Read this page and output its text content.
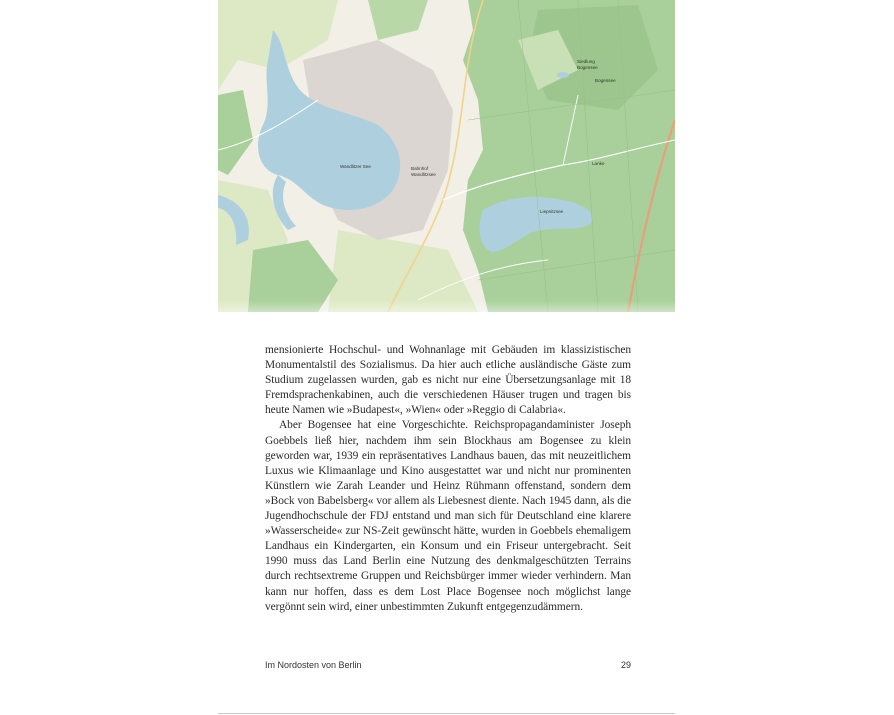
Wandlitzer See	Bahnhof
Wandlitzsee
Siedlung
Bogensee
Bogensee
Lanke
Liepnitzsee

mensionierte Hochschul- und Wohnanlage mit Gebäuden im klassizistischen Monumentalstil des Sozialismus. Da hier auch etliche ausländische Gäste zum Studium zugelassen wurden, gab es nicht nur eine Übersetzungsanlage mit 18 Fremdsprachenkabinen, auch die verschiedenen Häuser trugen und tragen bis heute Namen wie »Budapest«, »Wien« oder »Reggio di Calabria«.

Aber Bogensee hat eine Vorgeschichte. Reichspropagandaminister Joseph Goebbels ließ hier, nachdem ihm sein Blockhaus am Bogensee zu klein geworden war, 1939 ein repräsentatives Landhaus bauen, das mit neuzeitlichem Luxus wie Klimaanlage und Kino ausgestattet war und nicht nur prominenten Künstlern wie Zarah Leander und Heinz Rühmann offenstand, sondern dem »Bock von Babelsberg« vor allem als Liebesnest diente. Nach 1945 dann, als die Jugendhochschule der FDJ entstand und man sich für Deutschland eine klarere »Wasserscheide« zur NS-Zeit gewünscht hätte, wurden in Goebbels ehemaligem Landhaus ein Kindergarten, ein Konsum und ein Friseur untergebracht. Seit 1990 muss das Land Berlin eine Nutzung des denkmalgeschützten Terrains durch rechtsextreme Gruppen und Reichsbürger immer wieder verhindern. Man kann nur hoffen, dass es dem Lost Place Bogensee noch möglichst lange vergönnt sein wird, einer unbestimmten Zukunft entgegenzudämmern.

Im Nordosten von Berlin	29
